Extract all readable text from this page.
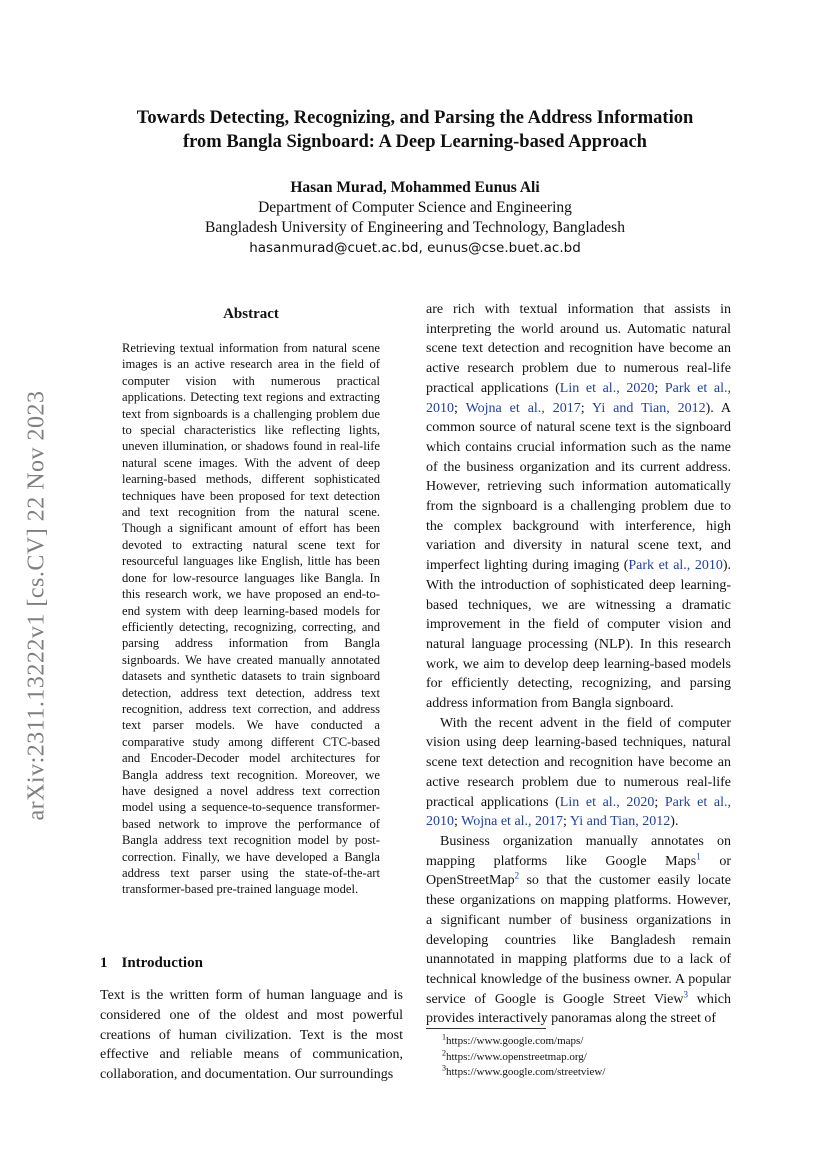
arXiv:2311.13222v1 [cs.CV] 22 Nov 2023
Towards Detecting, Recognizing, and Parsing the Address Information
from Bangla Signboard: A Deep Learning-based Approach
Hasan Murad, Mohammed Eunus Ali
Department of Computer Science and Engineering
Bangladesh University of Engineering and Technology, Bangladesh
hasanmurad@cuet.ac.bd, eunus@cse.buet.ac.bd
Abstract
Retrieving textual information from natural scene images is an active research area in the field of computer vision with numerous practical applications. Detecting text regions and extracting text from signboards is a challenging problem due to special characteristics like reflecting lights, uneven illumination, or shadows found in real-life natural scene images. With the advent of deep learning-based methods, different sophisticated techniques have been proposed for text detection and text recognition from the natural scene. Though a significant amount of effort has been devoted to extracting natural scene text for resourceful languages like English, little has been done for low-resource languages like Bangla. In this research work, we have proposed an end-to-end system with deep learning-based models for efficiently detecting, recognizing, correcting, and parsing address information from Bangla signboards. We have created manually annotated datasets and synthetic datasets to train signboard detection, address text detection, address text recognition, address text correction, and address text parser models. We have conducted a comparative study among different CTC-based and Encoder-Decoder model architectures for Bangla address text recognition. Moreover, we have designed a novel address text correction model using a sequence-to-sequence transformer-based network to improve the performance of Bangla address text recognition model by post-correction. Finally, we have developed a Bangla address text parser using the state-of-the-art transformer-based pre-trained language model.
1 Introduction
Text is the written form of human language and is considered one of the oldest and most powerful creations of human civilization. Text is the most effective and reliable means of communication, collaboration, and documentation. Our surroundings

are rich with textual information that assists in interpreting the world around us. Automatic natural scene text detection and recognition have become an active research problem due to numerous real-life practical applications (Lin et al., 2020; Park et al., 2010; Wojna et al., 2017; Yi and Tian, 2012). A common source of natural scene text is the signboard which contains crucial information such as the name of the business organization and its current address. However, retrieving such information automatically from the signboard is a challenging problem due to the complex background with interference, high variation and diversity in natural scene text, and imperfect lighting during imaging (Park et al., 2010). With the introduction of sophisticated deep learning-based techniques, we are witnessing a dramatic improvement in the field of computer vision and natural language processing (NLP). In this research work, we aim to develop deep learning-based models for efficiently detecting, recognizing, and parsing address information from Bangla signboard.

With the recent advent in the field of computer vision using deep learning-based techniques, natural scene text detection and recognition have become an active research problem due to numerous real-life practical applications (Lin et al., 2020; Park et al., 2010; Wojna et al., 2017; Yi and Tian, 2012).

Business organization manually annotates on mapping platforms like Google Maps$^1$ or OpenStreetMap$^2$ so that the customer easily locate these organizations on mapping platforms. However, a significant number of business organizations in developing countries like Bangladesh remain unannotated in mapping platforms due to a lack of technical knowledge of the business owner. A popular service of Google is Google Street View$^3$ which provides interactively panoramas along the street of

$^1$https://www.google.com/maps/
$^2$https://www.openstreetmap.org/
$^3$https://www.google.com/streetview/
